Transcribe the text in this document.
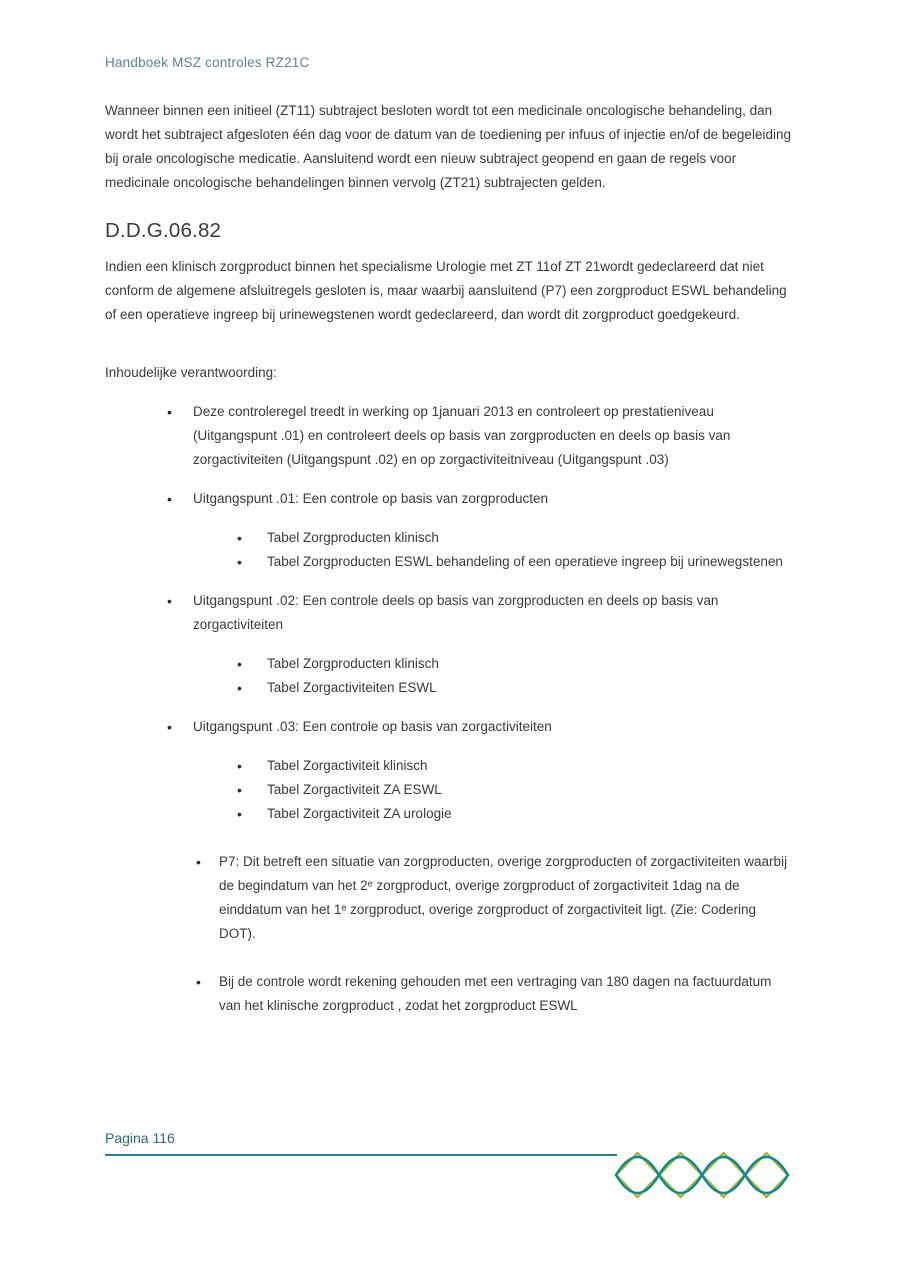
Handboek MSZ controles RZ21C

Wanneer binnen een initieel (ZT11) subtraject besloten wordt tot een medicinale oncologische behandeling, dan wordt het subtraject afgesloten één dag voor de datum van de toediening per infuus of injectie en/of de begeleiding bij orale oncologische medicatie. Aansluitend wordt een nieuw subtraject geopend en gaan de regels voor medicinale oncologische behandelingen binnen vervolg (ZT21) subtrajecten gelden.

D.D.G.06.82

Indien een klinisch zorgproduct binnen het specialisme Urologie met ZT 11of ZT 21wordt gedeclareerd dat niet conform de algemene afsluitregels gesloten is, maar waarbij aansluitend (P7) een zorgproduct ESWL behandeling of een operatieve ingreep bij urinewegstenen wordt gedeclareerd, dan wordt dit zorgproduct goedgekeurd.

Inhoudelijke verantwoording:
• Deze controleregel treedt in werking op 1januari 2013 en controleert op prestatieniveau (Uitgangspunt .01) en controleert deels op basis van zorgproducten en deels op basis van zorgactiviteiten (Uitgangspunt .02) en op zorgactiviteitniveau (Uitgangspunt .03)
• Uitgangspunt .01: Een controle op basis van zorgproducten
• Tabel Zorgproducten klinisch
• Tabel Zorgproducten ESWL behandeling of een operatieve ingreep bij urinewegstenen
• Uitgangspunt .02: Een controle deels op basis van zorgproducten en deels op basis van zorgactiviteiten
• Tabel Zorgproducten klinisch
• Tabel Zorgactiviteiten ESWL
• Uitgangspunt .03: Een controle op basis van zorgactiviteiten
• Tabel Zorgactiviteit klinisch
• Tabel Zorgactiviteit ZA ESWL
• Tabel Zorgactiviteit ZA urologie
• P7: Dit betreft een situatie van zorgproducten, overige zorgproducten of zorgactiviteiten waarbij de begindatum van het 2ᵉ zorgproduct, overige zorgproduct of zorgactiviteit 1dag na de einddatum van het 1ᵉ zorgproduct, overige zorgproduct of zorgactiviteit ligt. (Zie: Codering DOT).
• Bij de controle wordt rekening gehouden met een vertraging van 180 dagen na factuurdatum van het klinische zorgproduct , zodat het zorgproduct ESWL
Pagina 116
